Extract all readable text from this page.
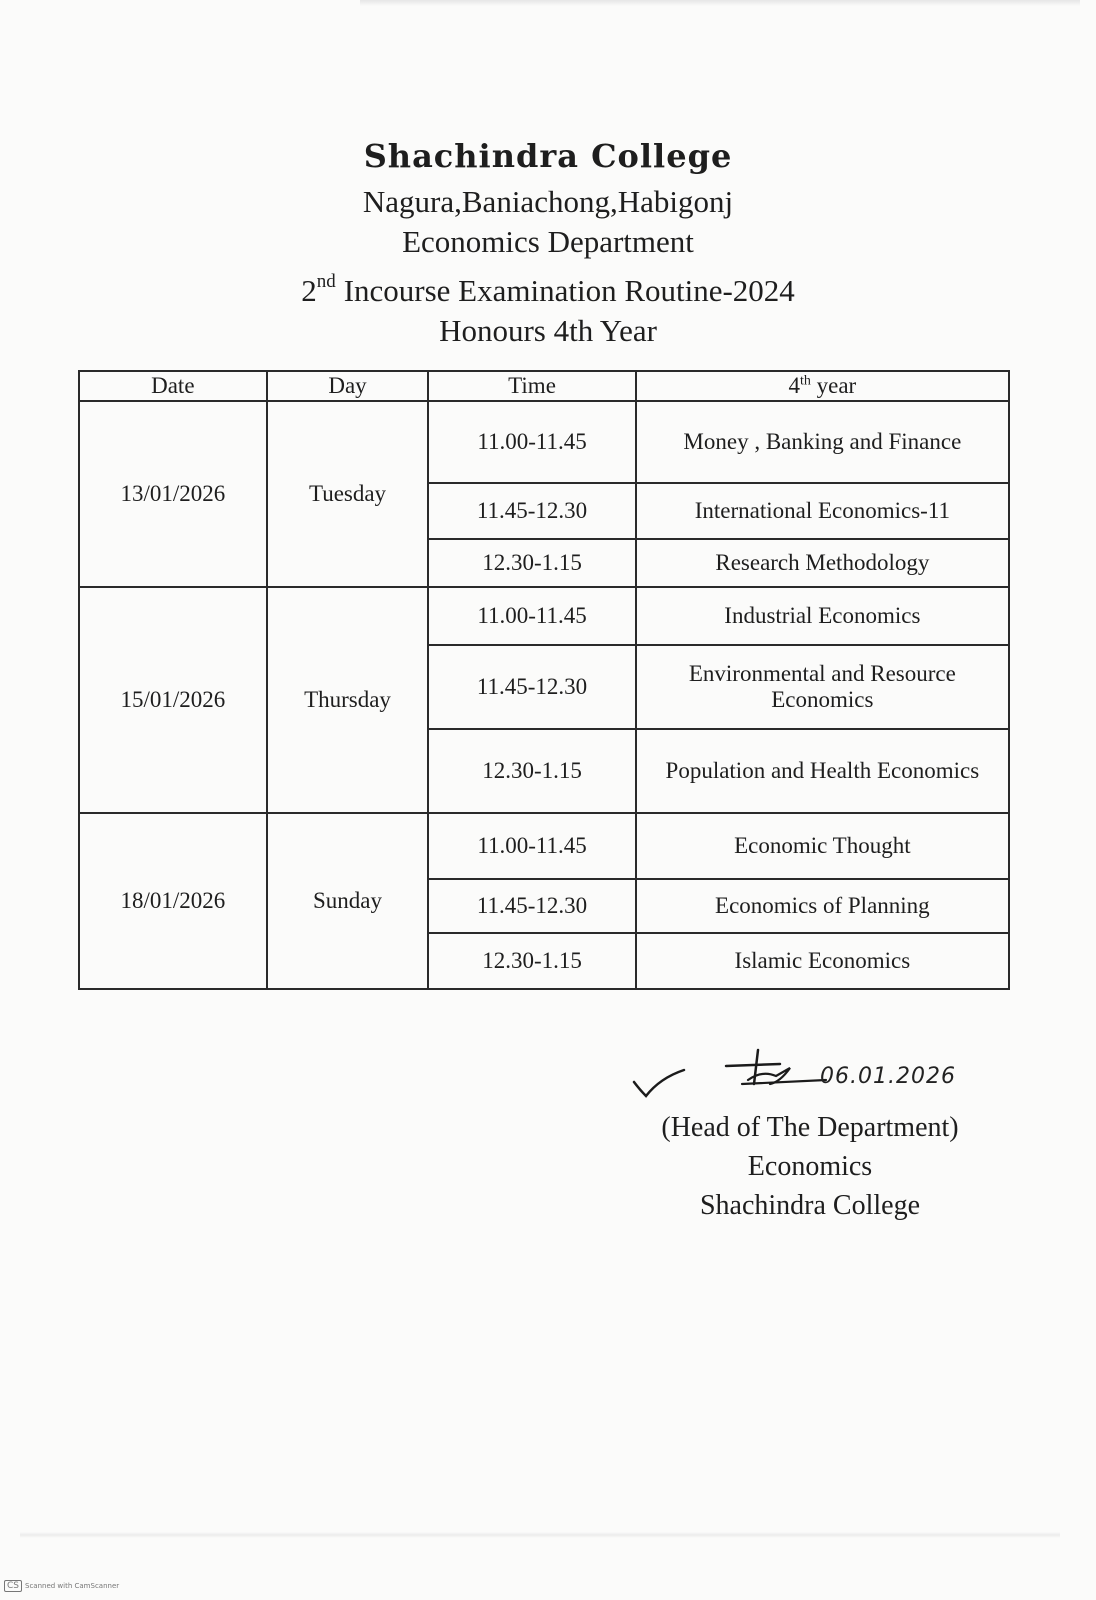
Shachindra College
Nagura,Baniachong,Habigonj
Economics Department
2nd Incourse Examination Routine-2024
Honours 4th Year
Date	Day	Time	4th year
13/01/2026	Tuesday	11.00-11.45	Money , Banking and Finance
		11.45-12.30	International Economics-11
		12.30-1.15	Research Methodology
15/01/2026	Thursday	11.00-11.45	Industrial Economics
		11.45-12.30	Environmental and Resource Economics
		12.30-1.15	Population and Health Economics
18/01/2026	Sunday	11.00-11.45	Economic Thought
		11.45-12.30	Economics of Planning
		12.30-1.15	Islamic Economics
06.01.2026
(Head of The Department)
Economics
Shachindra College
CS Scanned with CamScanner
